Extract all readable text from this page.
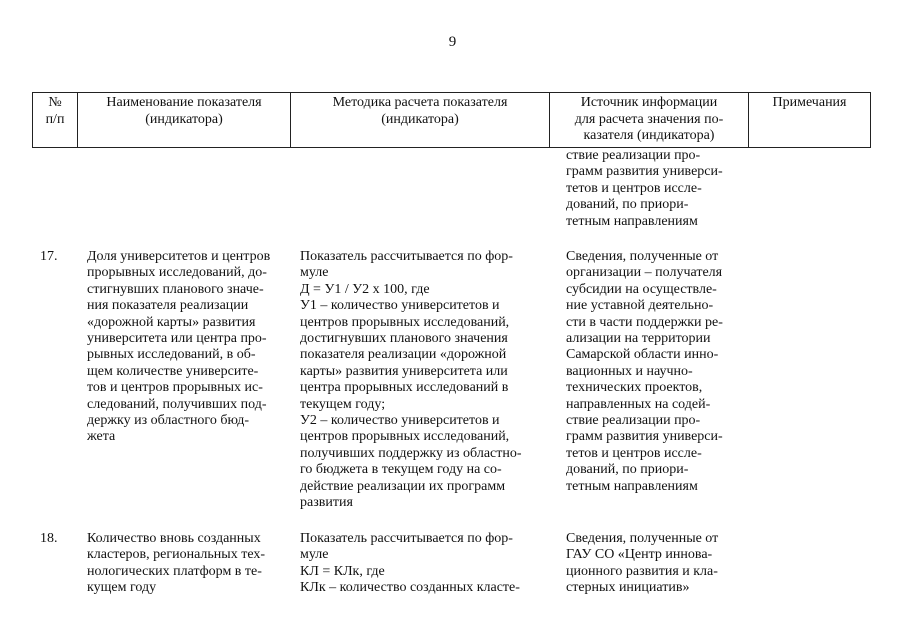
9
№
п/п
Наименование показателя
(индикатора)
Методика расчета показателя
(индикатора)
Источник информации
для расчета значения по-
казателя (индикатора)
Примечания
ствие реализации про-
грамм развития универси-
тетов и центров иссле-
дований, по приори-
тетным направлениям
17. Доля университетов и центров
прорывных исследований, до-
стигнувших планового значе-
ния показателя реализации
«дорожной карты» развития
университета или центра про-
рывных исследований, в об-
щем количестве университе-
тов и центров прорывных ис-
следований, получивших под-
держку из областного бюд-
жета
Показатель рассчитывается по фор-
муле
Д = У1 / У2 х 100, где
У1 – количество университетов и
центров прорывных исследований,
достигнувших планового значения
показателя реализации «дорожной
карты» развития университета или
центра прорывных исследований в
текущем году;
У2 – количество университетов и
центров прорывных исследований,
получивших поддержку из областно-
го бюджета в текущем году на со-
действие реализации их программ
развития
Сведения, полученные от
организации – получателя
субсидии на осуществле-
ние уставной деятельно-
сти в части поддержки ре-
ализации на территории
Самарской области инно-
вационных и научно-
технических проектов,
направленных на содей-
ствие реализации про-
грамм развития универси-
тетов и центров иссле-
дований, по приори-
тетным направлениям
18. Количество вновь созданных
кластеров, региональных тех-
нологических платформ в те-
кущем году
Показатель рассчитывается по фор-
муле
КЛ = КЛк, где
КЛк – количество созданных класте-
Сведения, полученные от
ГАУ СО «Центр иннова-
ционного развития и кла-
стерных инициатив»
